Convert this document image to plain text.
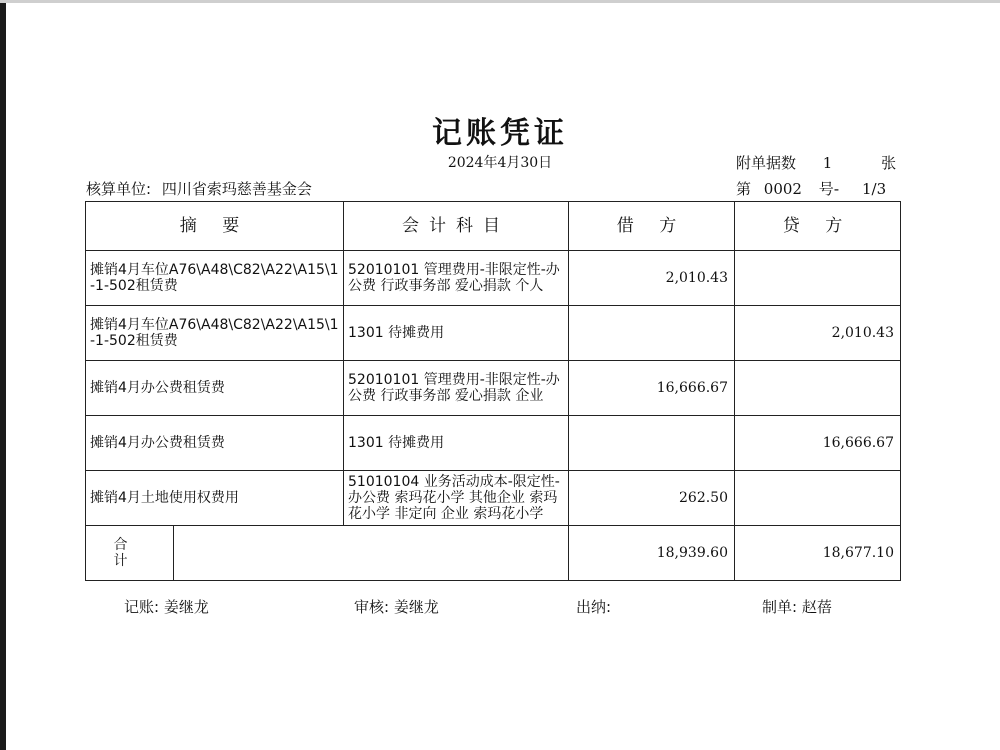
记账凭证
2024年4月30日	附单据数 1	张
核算单位: 四川省索玛慈善基金会	第 0002 号- 1/3
摘 要		会计科目	借 方	贷 方
摊销4月车位A76\A48\C82\A22\A15\1-1-502租赁费		52010101 管理费用-非限定性-办公费 行政事务部 爱心捐款 个人	2,010.43	
摊销4月车位A76\A48\C82\A22\A15\1-1-502租赁费		1301 待摊费用		2,010.43
摊销4月办公费租赁费		52010101 管理费用-非限定性-办公费 行政事务部 爱心捐款 企业	16,666.67	
摊销4月办公费租赁费		1301 待摊费用		16,666.67
摊销4月土地使用权费用		51010104 业务活动成本-限定性-办公费 索玛花小学 其他企业 索玛花小学 非定向 企业 索玛花小学	262.50	
合 计			18,939.60	18,677.10
记账: 姜继龙	审核: 姜继龙	出纳:	制单: 赵蓓
